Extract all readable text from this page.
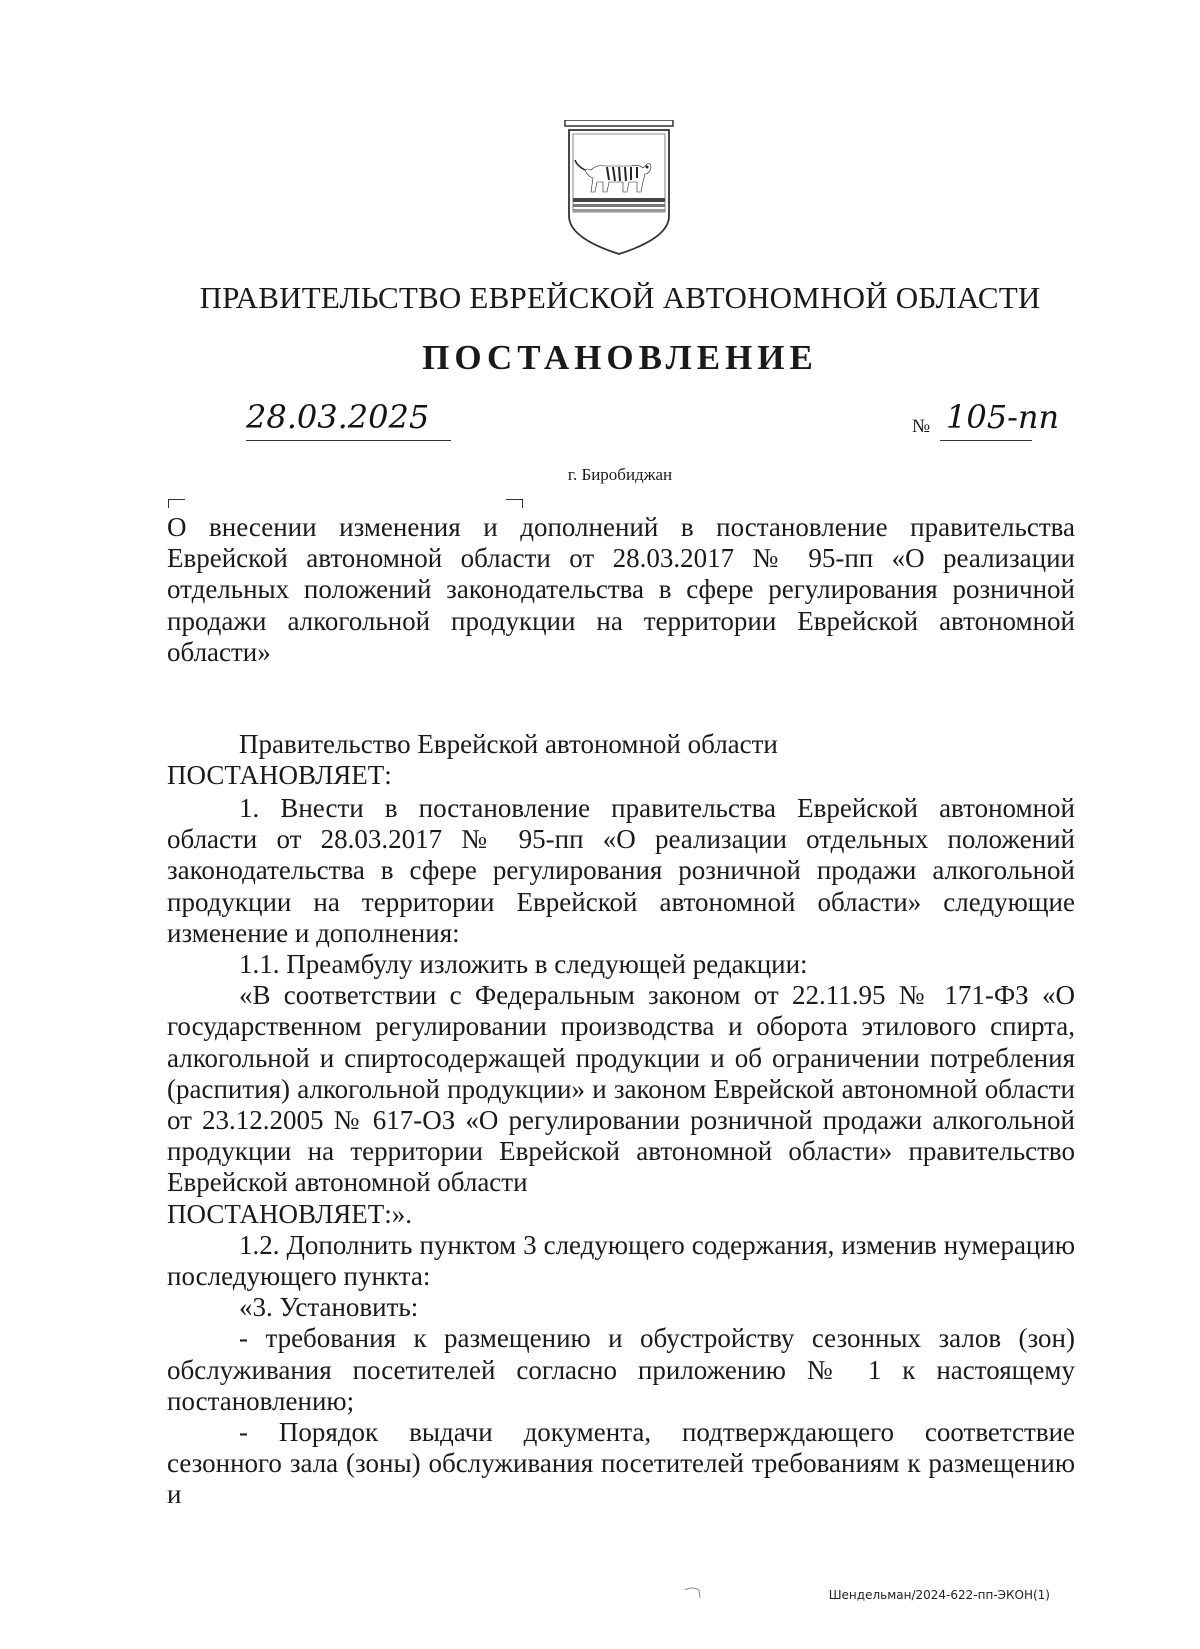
ПРАВИТЕЛЬСТВО ЕВРЕЙСКОЙ АВТОНОМНОЙ ОБЛАСТИ
ПОСТАНОВЛЕНИЕ
28.03.2025	№ 105-пп
г. Биробиджан
О внесении изменения и дополнений в постановление правительства Еврейской автономной области от 28.03.2017 № 95-пп «О реализации отдельных положений законодательства в сфере регулирования розничной продажи алкогольной продукции на территории Еврейской автономной области»
Правительство Еврейской автономной области
ПОСТАНОВЛЯЕТ:

1. Внести в постановление правительства Еврейской автономной области от 28.03.2017 № 95-пп «О реализации отдельных положений законодательства в сфере регулирования розничной продажи алкогольной продукции на территории Еврейской автономной области» следующие изменение и дополнения:

1.1. Преамбулу изложить в следующей редакции:

«В соответствии с Федеральным законом от 22.11.95 № 171-ФЗ «О государственном регулировании производства и оборота этилового спирта, алкогольной и спиртосодержащей продукции и об ограничении потребления (распития) алкогольной продукции» и законом Еврейской автономной области от 23.12.2005 № 617-ОЗ «О регулировании розничной продажи алкогольной продукции на территории Еврейской автономной области» правительство Еврейской автономной области

ПОСТАНОВЛЯЕТ:».

1.2. Дополнить пунктом 3 следующего содержания, изменив нумерацию последующего пункта:

«3. Установить:

- требования к размещению и обустройству сезонных залов (зон) обслуживания посетителей согласно приложению № 1 к настоящему постановлению;

- Порядок выдачи документа, подтверждающего соответствие сезонного зала (зоны) обслуживания посетителей требованиям к размещению и

Шендельман/2024-622-пп-ЭКОН(1)
